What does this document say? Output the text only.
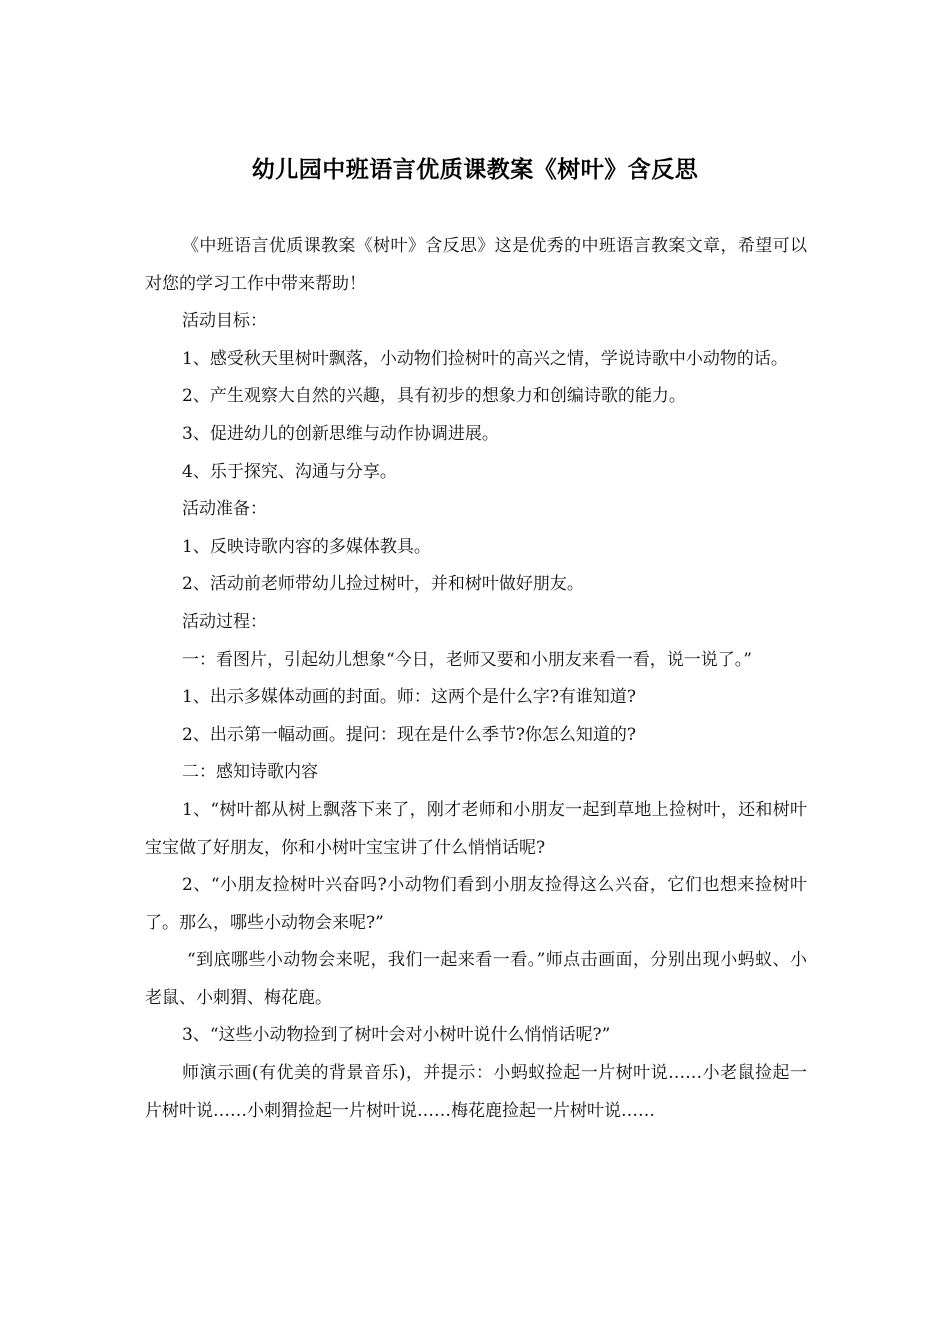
幼儿园中班语言优质课教案《树叶》含反思

《中班语言优质课教案《树叶》含反思》这是优秀的中班语言教案文章，希望可以对您的学习工作中带来帮助！

活动目标：

1、感受秋天里树叶飘落，小动物们捡树叶的高兴之情，学说诗歌中小动物的话。

2、产生观察大自然的兴趣，具有初步的想象力和创编诗歌的能力。

3、促进幼儿的创新思维与动作协调进展。

4、乐于探究、沟通与分享。

活动准备：

1、反映诗歌内容的多媒体教具。

2、活动前老师带幼儿捡过树叶，并和树叶做好朋友。

活动过程：

一：看图片，引起幼儿想象“今日，老师又要和小朋友来看一看，说一说了。”

1、出示多媒体动画的封面。师：这两个是什么字?有谁知道?

2、出示第一幅动画。提问：现在是什么季节?你怎么知道的?

二：感知诗歌内容

1、“树叶都从树上飘落下来了，刚才老师和小朋友一起到草地上捡树叶，还和树叶宝宝做了好朋友，你和小树叶宝宝讲了什么悄悄话呢?

2、“小朋友捡树叶兴奋吗?小动物们看到小朋友捡得这么兴奋，它们也想来捡树叶了。那么，哪些小动物会来呢?”

“到底哪些小动物会来呢，我们一起来看一看。”师点击画面，分别出现小蚂蚁、小老鼠、小刺猬、梅花鹿。

3、“这些小动物捡到了树叶会对小树叶说什么悄悄话呢?”

师演示画(有优美的背景音乐)，并提示：小蚂蚁捡起一片树叶说……小老鼠捡起一片树叶说……小刺猬捡起一片树叶说……梅花鹿捡起一片树叶说……
